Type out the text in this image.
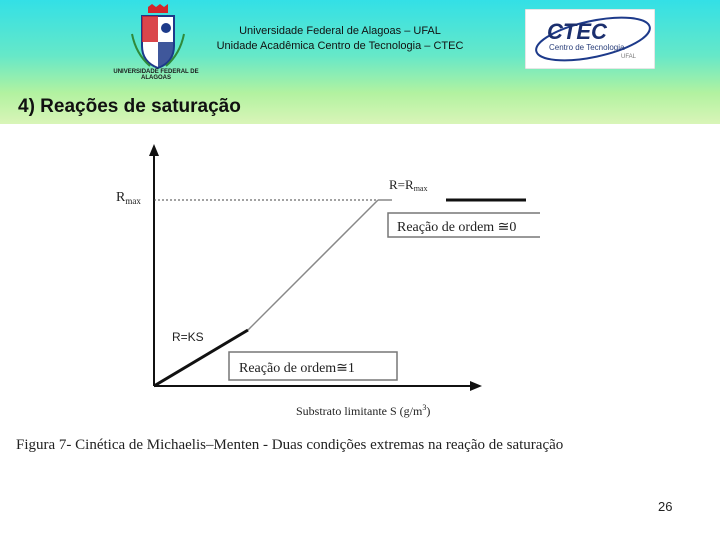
UNIVERSIDADE FEDERAL DE ALAGOAS
Universidade Federal de Alagoas – UFAL
Unidade Acadêmica Centro de Tecnologia – CTEC
CTEC
Centro de Tecnologia
UFAL
4) Reações de saturação
$R_{max}$
R=Rmax
Reação de ordem ≅0
R=KS
Reação de ordem≅1
Substrato limitante S $(g/m^3)$
Figura 7- Cinética de Michaelis–Menten - Duas condições extremas na reação de saturação
26
